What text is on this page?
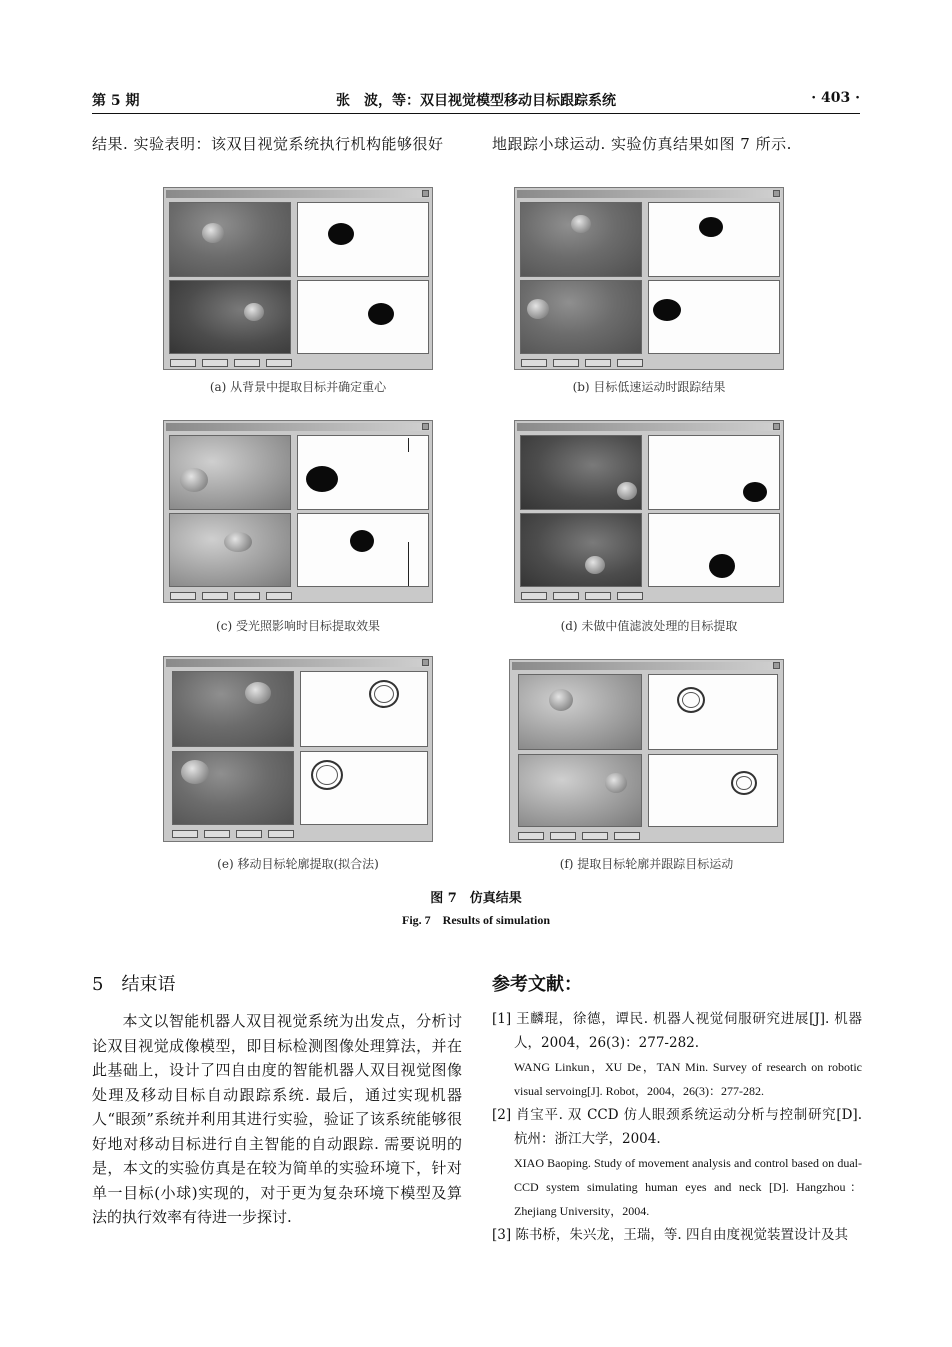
第 5 期	张　波，等：双目视觉模型移动目标跟踪系统	· 403 ·
结果. 实验表明：该双目视觉系统执行机构能够很好	地跟踪小球运动. 实验仿真结果如图 7 所示.
(a) 从背景中提取目标并确定重心	(b) 目标低速运动时跟踪结果
(c) 受光照影响时目标提取效果	(d) 未做中值滤波处理的目标提取
(e) 移动目标轮廓提取(拟合法)	(f) 提取目标轮廓并跟踪目标运动
图 7　仿真结果
Fig. 7　Results of simulation
5　结束语
本文以智能机器人双目视觉系统为出发点，分析讨论双目视觉成像模型，即目标检测图像处理算法，并在此基础上，设计了四自由度的智能机器人双目视觉图像处理及移动目标自动跟踪系统. 最后，通过实现机器人“眼颈”系统并利用其进行实验，验证了该系统能够很好地对移动目标进行自主智能的自动跟踪. 需要说明的是，本文的实验仿真是在较为简单的实验环境下，针对单一目标(小球)实现的，对于更为复杂环境下模型及算法的执行效率有待进一步探讨.
参考文献：
[1] 王麟琨，徐德，谭民. 机器人视觉伺服研究进展[J]. 机器人，2004，26(3)：277-282.
WANG Linkun，XU De，TAN Min. Survey of research on robotic visual servoing[J]. Robot，2004，26(3)：277-282.
[2] 肖宝平. 双 CCD 仿人眼颈系统运动分析与控制研究[D]. 杭州：浙江大学，2004.
XIAO Baoping. Study of movement analysis and control based on dual-CCD system simulating human eyes and neck [D]. Hangzhou：Zhejiang University，2004.
[3] 陈书桥，朱兴龙，王瑞，等. 四自由度视觉装置设计及其
